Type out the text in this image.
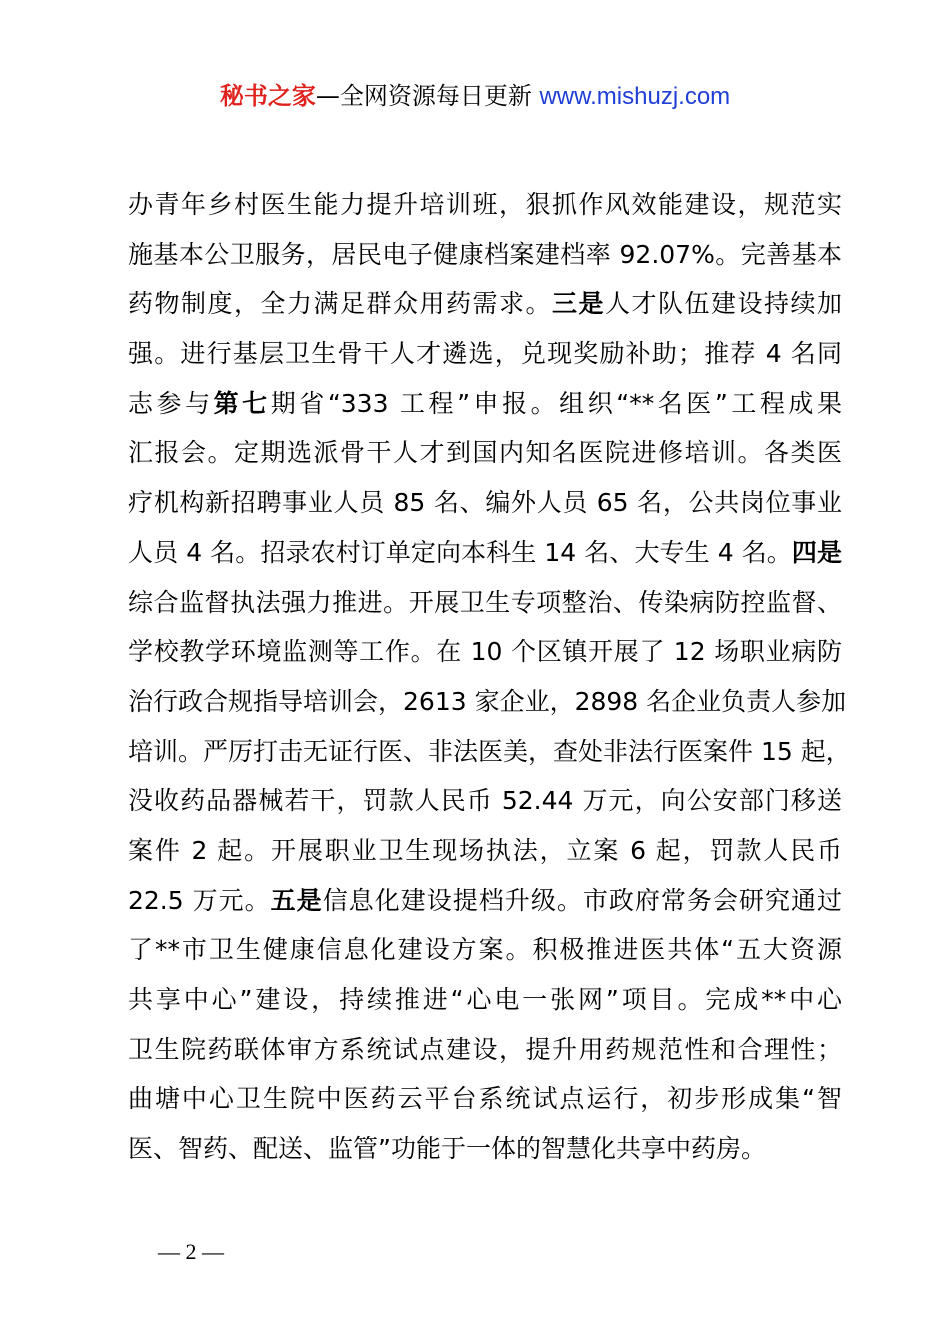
秘书之家—全网资源每日更新 www.mishuzj.com
办青年乡村医生能力提升培训班，狠抓作风效能建设，规范实
施基本公卫服务，居民电子健康档案建档率 92.07%。完善基本
药物制度，全力满足群众用药需求。三是人才队伍建设持续加
强。进行基层卫生骨干人才遴选，兑现奖励补助；推荐 4 名同
志参与第七期省“333 工程”申报。组织“**名医”工程成果
汇报会。定期选派骨干人才到国内知名医院进修培训。各类医
疗机构新招聘事业人员 85 名、编外人员 65 名，公共岗位事业
人员 4 名。招录农村订单定向本科生 14 名、大专生 4 名。四是
综合监督执法强力推进。开展卫生专项整治、传染病防控监督、
学校教学环境监测等工作。在 10 个区镇开展了 12 场职业病防
治行政合规指导培训会，2613 家企业，2898 名企业负责人参加
培训。严厉打击无证行医、非法医美，查处非法行医案件 15 起，
没收药品器械若干，罚款人民币 52.44 万元，向公安部门移送
案件 2 起。开展职业卫生现场执法，立案 6 起，罚款人民币
22.5 万元。五是信息化建设提档升级。市政府常务会研究通过
了**市卫生健康信息化建设方案。积极推进医共体“五大资源
共享中心”建设，持续推进“心电一张网”项目。完成**中心
卫生院药联体审方系统试点建设，提升用药规范性和合理性；
曲塘中心卫生院中医药云平台系统试点运行，初步形成集“智
医、智药、配送、监管”功能于一体的智慧化共享中药房。
— 2 —
